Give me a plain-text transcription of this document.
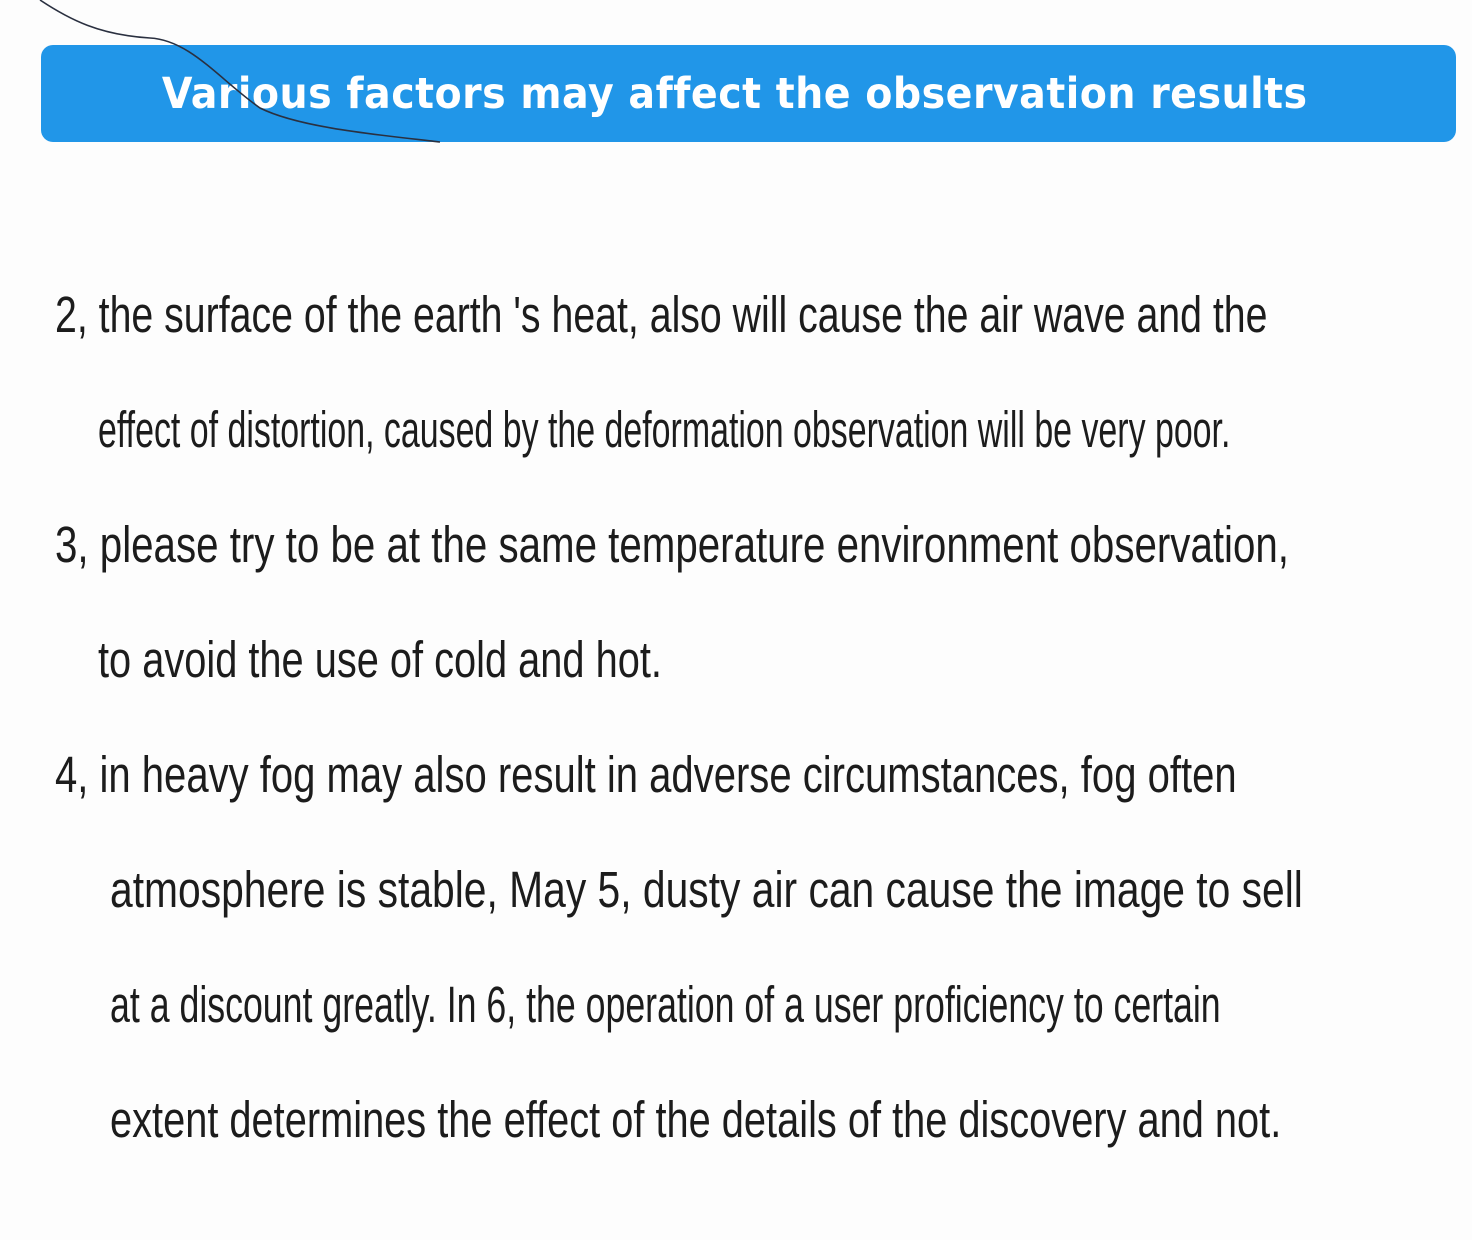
Various factors may affect the observation results
2, the surface of the earth 's heat, also will cause the air wave and the
effect of distortion, caused by the deformation observation will be very poor.
3, please try to be at the same temperature environment observation,
to avoid the use of cold and hot.
4, in heavy fog may also result in adverse circumstances, fog often
atmosphere is stable, May 5, dusty air can cause the image to sell
at a discount greatly. In 6, the operation of a user proficiency to certain
extent determines the effect of the details of the discovery and not.
